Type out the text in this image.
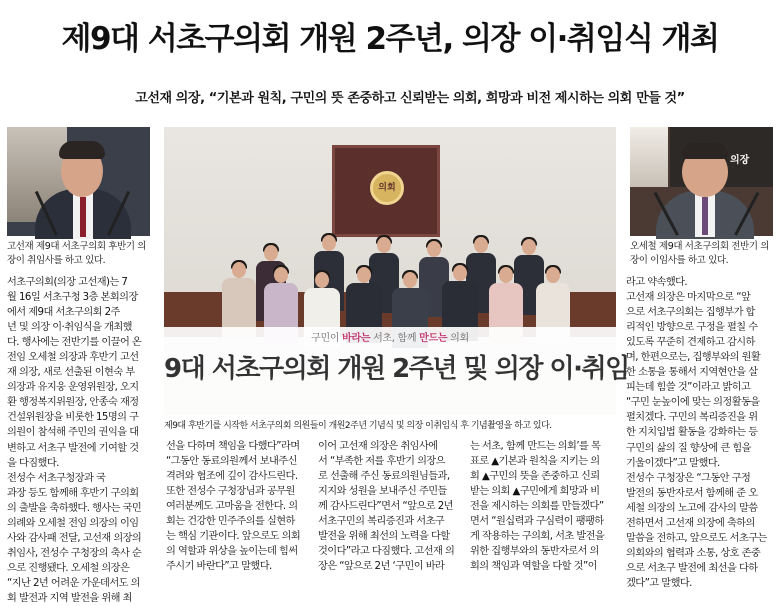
제9대 서초구의회 개원 2주년, 의장 이·취임식 개최
고선재 의장, “기본과 원칙, 구민의 뜻 존중하고 신뢰받는 의회, 희망과 비전 제시하는 의회 만들 것”
고선재 제9대 서초구의회 후반기 의
장이 취임사를 하고 있다.
의장
오세철 제9대 서초구의회 전반기 의
장이 이임사를 하고 있다.
의회
구민이 바라는 서초, 함께 만드는 의회
9대 서초구의회 개원 2주년 및 의장 이·취임
제9대 후반기를 시작한 서초구의회 의원들이 개원2주년 기념식 및 의장 이취임식 후 기념촬영을 하고 있다.

서초구의회(의장 고선재)는 7

월 16일 서초구청 3층 본회의장

에서 제9대 서초구의회 2주

년 및 의장 이·취임식을 개최했

다. 행사에는 전반기를 이끌어 온

전임 오세철 의장과 후반기 고선

재 의장, 새로 선출된 이현숙 부

의장과 유지웅 운영위원장, 오지

환 행정복지위원장, 안종숙 재정

건설위원장을 비롯한 15명의 구

의원이 참석해 주민의 권익을 대

변하고 서초구 발전에 기여할 것

을 다짐했다.

전성수 서초구청장과 국

과장 등도 함께해 후반기 구의회

의 출발을 축하했다. 행사는 국민

의례와 오세철 전임 의장의 이임

사와 감사패 전달, 고선재 의장의

취임사, 전성수 구청장의 축사 순

으로 진행됐다. 오세철 의장은

“지난 2년 어려운 가운데서도 의

회 발전과 지역 발전을 위해 최

선을 다하며 책임을 다했다”라며

“그동안 동료의원께서 보내주신

격려와 협조에 깊이 감사드린다.

또한 전성수 구청장님과 공무원

여러분께도 고마움을 전한다. 의

회는 건강한 민주주의를 실현하

는 핵심 기관이다. 앞으로도 의회

의 역할과 위상을 높이는데 힘써

주시기 바란다”고 말했다.

이어 고선재 의장은 취임사에

서 “부족한 저를 후반기 의장으

로 선출해 주신 동료의원님들과,

지지와 성원을 보내주신 주민들

께 감사드린다”면서 “앞으로 2년

서초구민의 복리증진과 서초구

발전을 위해 최선의 노력을 다할

것이다”라고 다짐했다. 고선재 의

장은 “앞으로 2년 ‘구민이 바라

는 서초, 함께 만드는 의회’를 목

표로 ▲기본과 원칙을 지키는 의

회 ▲구민의 뜻을 존중하고 신뢰

받는 의회 ▲구민에게 희망과 비

전을 제시하는 의회를 만들겠다”

면서 “원십력과 구심력이 팽팽하

게 작용하는 구의회, 서초 발전을

위한 집행부와의 동반자로서 의

회의 책임과 역할을 다할 것”이

라고 약속했다.

고선재 의장은 마지막으로 “앞

으로 서초구의회는 집행부가 합

리적인 방향으로 구정을 펼칠 수

있도록 꾸준히 견제하고 감시하

며, 한편으로는, 집행부와의 원활

한 소통을 통해서 지역현안을 살

피는데 힘쓸 것”이라고 밝히고

“구민 눈높이에 맞는 의정활동을

펼치겠다. 구민의 복리증진을 위

한 지치입법 활동을 강화하는 등

구민의 삶의 질 향상에 큰 힘을

기울이겠다”고 말했다.

전성수 구청장은 “그동안 구정

발전의 동반자로서 함께해 준 오

세철 의장의 노고에 감사의 말씀

전하면서 고선재 의장에 축하의

말씀을 전하고, 앞으로도 서초구는

의회와의 협력과 소통, 상호 존중

으로 서초구 발전에 최선을 다하

겠다”고 말했다.
